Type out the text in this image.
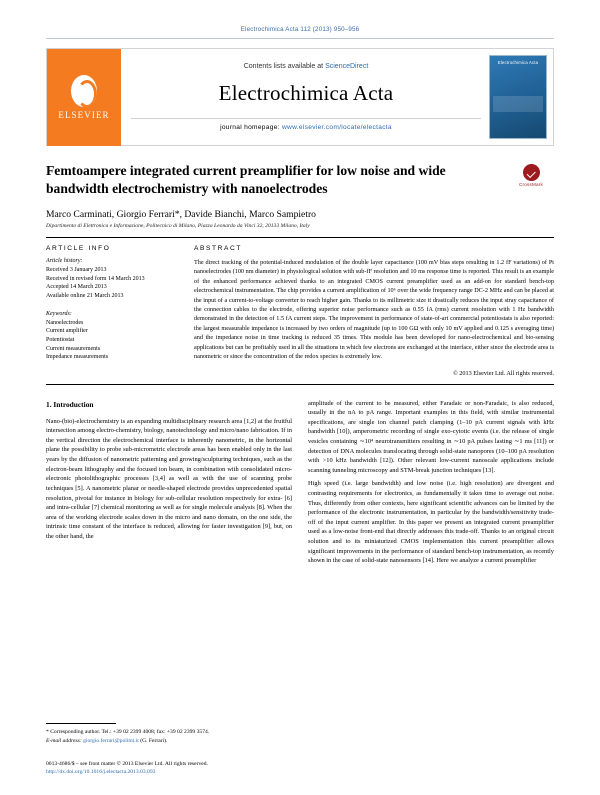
Electrochimica Acta 112 (2013) 950–956
ELSEVIER
Contents lists available at ScienceDirect
Electrochimica Acta
journal homepage: www.elsevier.com/locate/electacta
Electrochimica Acta
Femtoampere integrated current preamplifier for low noise and wide bandwidth electrochemistry with nanoelectrodes	CrossMark
Marco Carminati, Giorgio Ferrari*, Davide Bianchi, Marco Sampietro
Dipartimento di Elettronica e Informazione, Politecnico di Milano, Piazza Leonardo da Vinci 32, 20133 Milano, Italy
ARTICLE INFO
Article history:
Received 3 January 2013
Received in revised form 14 March 2013
Accepted 14 March 2013
Available online 21 March 2013
Keywords:
Nanoelectrodes
Current amplifier
Potentiostat
Current measurements
Impedance measurements
ABSTRACT
The direct tracking of the potential-induced modulation of the double layer capacitance (100 mV bias steps resulting in 1.2 fF variations) of Pt nanoelectrodes (100 nm diameter) in physiological solution with sub-fF resolution and 10 ms response time is reported. This result is an example of the enhanced performance achieved thanks to an integrated CMOS current preamplifier used as an add-on for standard bench-top electrochemical instrumentation. The chip provides a current amplification of 10⁶ over the wide frequency range DC-2 MHz and can be placed at the input of a current-to-voltage converter to reach higher gain. Thanks to its millimetric size it drastically reduces the input stray capacitance of the connection cables to the electrode, offering superior noise performance such as 0.55 fA (rms) current resolution with 1 Hz bandwidth demonstrated in the detection of 1.5 fA current steps. The improvement in performance of state-of-art commercial potentiostats is also reported: the largest measurable impedance is increased by two orders of magnitude (up to 100 GΩ with only 10 mV applied and 0.125 s averaging time) and the impedance noise in time tracking is reduced 35 times. This module has been developed for nano-electrochemical and bio-sensing applications but can be profitably used in all the situations in which few electrons are exchanged at the interface, either since the electrode area is nanometric or since the concentration of the redox species is extremely low.
© 2013 Elsevier Ltd. All rights reserved.
1. Introduction

Nano-(bio)-electrochemistry is an expanding multidisciplinary research area [1,2] at the fruitful intersection among electro-chemistry, biology, nanotechnology and micro/nano fabrication. If in the vertical direction the electrochemical interface is inherently nanometric, in the horizontal plane the possibility to probe sub-micrometric electrode areas has been enabled only in the last years by the diffusion of nanometric patterning and growing/sculpturing techniques, such as the electron-beam lithography and the focused ion beam, in combination with consolidated micro-electronic photolithographic processes [3,4] as well as with the use of scanning probe techniques [5]. A nanometric planar or needle-shaped electrode provides unprecedented spatial resolution, pivotal for instance in biology for sub-cellular resolution respectively for extra- [6] and intra-cellular [7] chemical monitoring as well as for single molecule analysis [8]. When the area of the working electrode scales down in the micro and nano domain, on the one side, the intrinsic time constant of the interface is reduced, allowing for faster investigation [9], but, on the other hand, the

amplitude of the current to be measured, either Faradaic or non-Faradaic, is also reduced, usually in the nA to pA range. Important examples in this field, with similar instrumental specifications, are single ion channel patch clamping (1–10 pA current signals with kHz bandwidth [10]), amperometric recording of single exo-cytotic events (i.e. the release of single vesicles containing ∼10⁴ neurotransmitters resulting in ∼10 pA pulses lasting ∼1 ms [11]) or detection of DNA molecules translocating through solid-state nanopores (10–100 pA resolution with >10 kHz bandwidth [12]). Other relevant low-current nanoscale applications include scanning tunneling microscopy and STM-break junction techniques [13].

High speed (i.e. large bandwidth) and low noise (i.e. high resolution) are divergent and contrasting requirements for electronics, as fundamentally it takes time to average out noise. Thus, differently from other contexts, here significant scientific advances can be limited by the performance of the electronic instrumentation, in particular by the bandwidth/sensitivity trade-off of the input current amplifier. In this paper we present an integrated current preamplifier used as a low-noise front-end that directly addresses this trade-off. Thanks to an original circuit solution and to its miniaturized CMOS implementation this current preamplifier allows significant improvements in the performance of standard bench-top instrumentation, as recently shown in the case of solid-state nanosensors [14]. Here we analyze a current preamplifier

* Corresponding author. Tel.: +39 02 2399 4008; fax: +39 02 2399 3574.
E-mail address: giorgio.ferrari@polimi.it (G. Ferrari).
0013-4686/$ – see front matter © 2013 Elsevier Ltd. All rights reserved.
http://dx.doi.org/10.1016/j.electacta.2013.03.093
